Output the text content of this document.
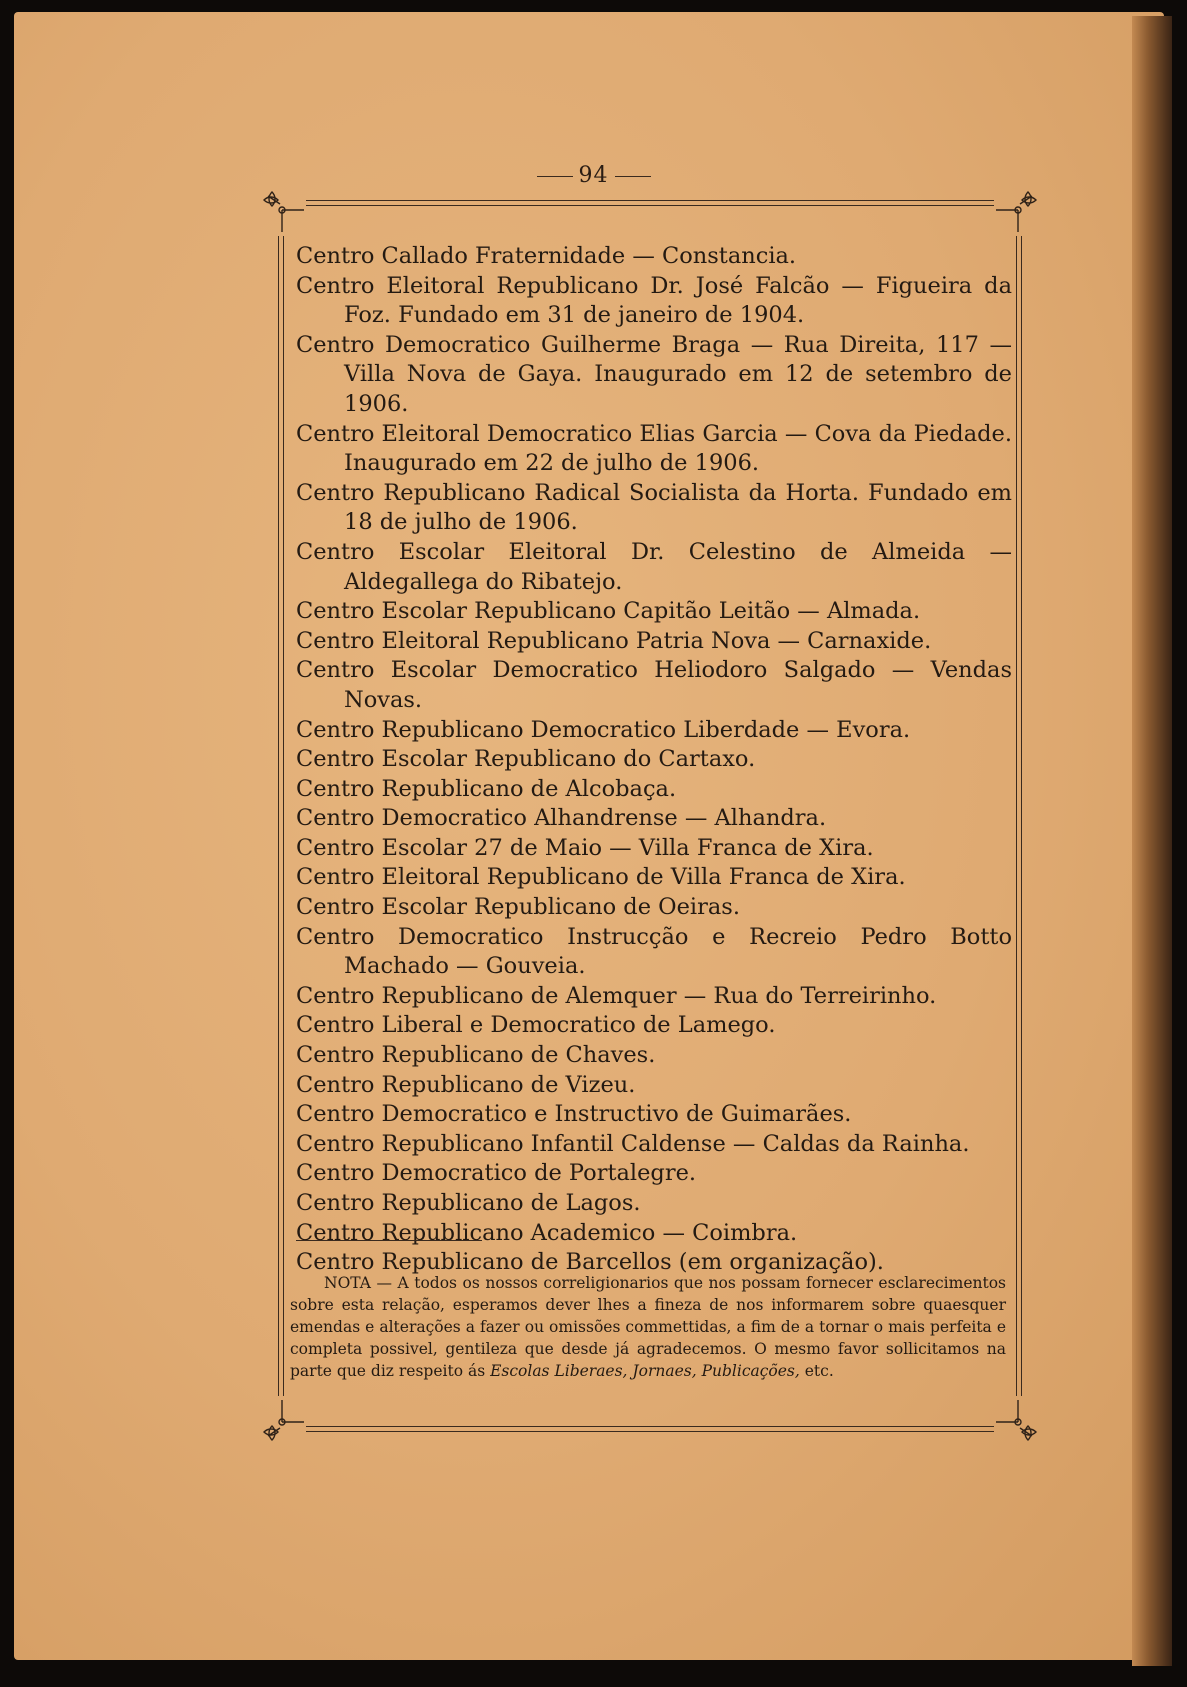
94
Centro Callado Fraternidade — Constancia.
Centro Eleitoral Republicano Dr. José Falcão — Figueira da Foz. Fundado em 31 de janeiro de 1904.
Centro Democratico Guilherme Braga — Rua Direita, 117 — Villa Nova de Gaya. Inaugurado em 12 de setembro de 1906.
Centro Eleitoral Democratico Elias Garcia — Cova da Piedade. Inaugurado em 22 de julho de 1906.
Centro Republicano Radical Socialista da Horta. Fundado em 18 de julho de 1906.
Centro Escolar Eleitoral Dr. Celestino de Almeida — Aldegallega do Ribatejo.
Centro Escolar Republicano Capitão Leitão — Almada.
Centro Eleitoral Republicano Patria Nova — Carnaxide.
Centro Escolar Democratico Heliodoro Salgado — Vendas Novas.
Centro Republicano Democratico Liberdade — Evora.
Centro Escolar Republicano do Cartaxo.
Centro Republicano de Alcobaça.
Centro Democratico Alhandrense — Alhandra.
Centro Escolar 27 de Maio — Villa Franca de Xira.
Centro Eleitoral Republicano de Villa Franca de Xira.
Centro Escolar Republicano de Oeiras.
Centro Democratico Instrucção e Recreio Pedro Botto Machado — Gouveia.
Centro Republicano de Alemquer — Rua do Terreirinho.
Centro Liberal e Democratico de Lamego.
Centro Republicano de Chaves.
Centro Republicano de Vizeu.
Centro Democratico e Instructivo de Guimarães.
Centro Republicano Infantil Caldense — Caldas da Rainha.
Centro Democratico de Portalegre.
Centro Republicano de Lagos.
Centro Republicano Academico — Coimbra.
Centro Republicano de Barcellos (em organização).

NOTA — A todos os nossos correligionarios que nos possam fornecer esclarecimentos sobre esta relação, esperamos dever lhes a fineza de nos informarem sobre quaesquer emendas e alterações a fazer ou omissões commettidas, a fim de a tornar o mais perfeita e completa possivel, gentileza que desde já agradecemos. O mesmo favor sollicitamos na parte que diz respeito ás Escolas Liberaes, Jornaes, Publicações, etc.
